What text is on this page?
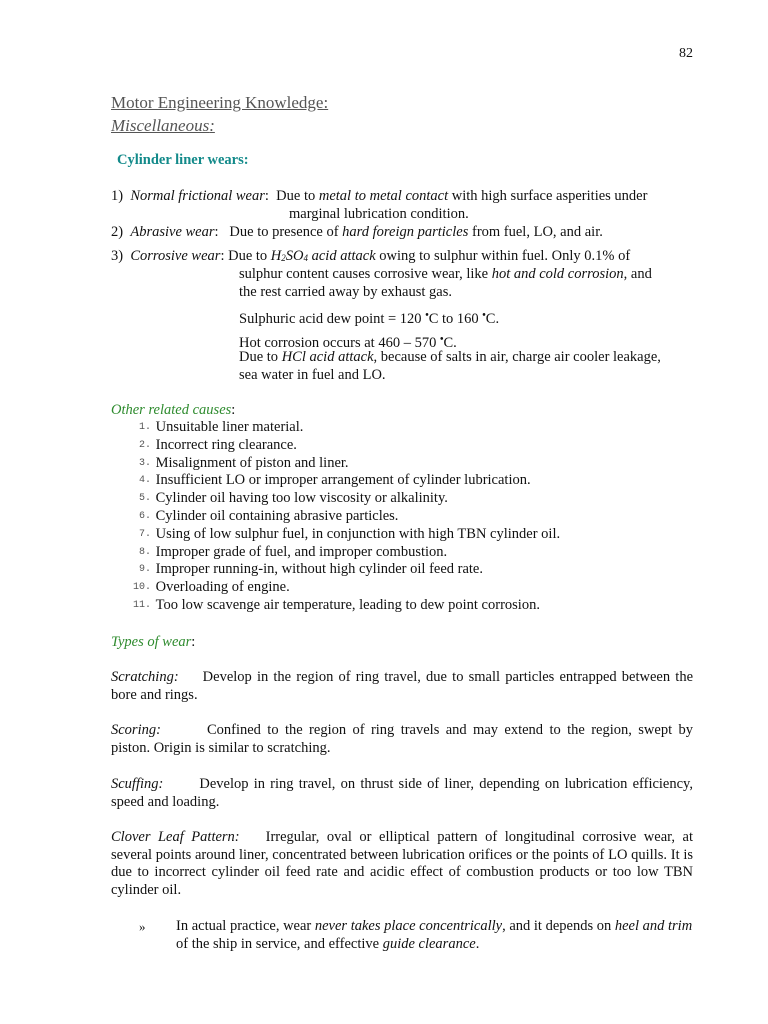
82
Motor Engineering Knowledge:
Miscellaneous:
Cylinder liner wears:
1) Normal frictional wear:  Due to metal to metal contact with high surface asperities under
marginal lubrication condition.
2) Abrasive wear:   Due to presence of hard foreign particles from fuel, LO, and air.
3) Corrosive wear: Due to $H_2SO_4$ acid attack owing to sulphur within fuel. Only 0.1% of
sulphur content causes corrosive wear, like hot and cold corrosion, and
the rest carried away by exhaust gas.
Sulphuric acid dew point = 120 •C to 160 •C.
Hot corrosion occurs at 460 – 570 •C.
Due to HCl acid attack, because of salts in air, charge air cooler leakage,
sea water in fuel and LO.
Other related causes:
1.
Unsuitable liner material.
2.
Incorrect ring clearance.
3.
Misalignment of piston and liner.
4.
Insufficient LO or improper arrangement of cylinder lubrication.
5.
Cylinder oil having too low viscosity or alkalinity.
6.
Cylinder oil containing abrasive particles.
7.
Using of low sulphur fuel, in conjunction with high TBN cylinder oil.
8.
Improper grade of fuel, and improper combustion.
9.
Improper running-in, without high cylinder oil feed rate.
10.
Overloading of engine.
11.
Too low scavenge air temperature, leading to dew point corrosion.
Types of wear:
Scratching: Develop in the region of ring travel, due to small particles entrapped between the bore and rings.
Scoring:	Confined to the region of ring travels and may extend to the region, swept by piston. Origin is similar to scratching.
Scuffing: Develop in ring travel, on thrust side of liner, depending on lubrication efficiency, speed and loading.
Clover Leaf Pattern: Irregular, oval or elliptical pattern of longitudinal corrosive wear, at several points around liner, concentrated between lubrication orifices or the points of LO quills. It is due to incorrect cylinder oil feed rate and acidic effect of combustion products or too low TBN cylinder oil.
» In actual practice, wear never takes place concentrically, and it depends on heel and trim of the ship in service, and effective guide clearance.
